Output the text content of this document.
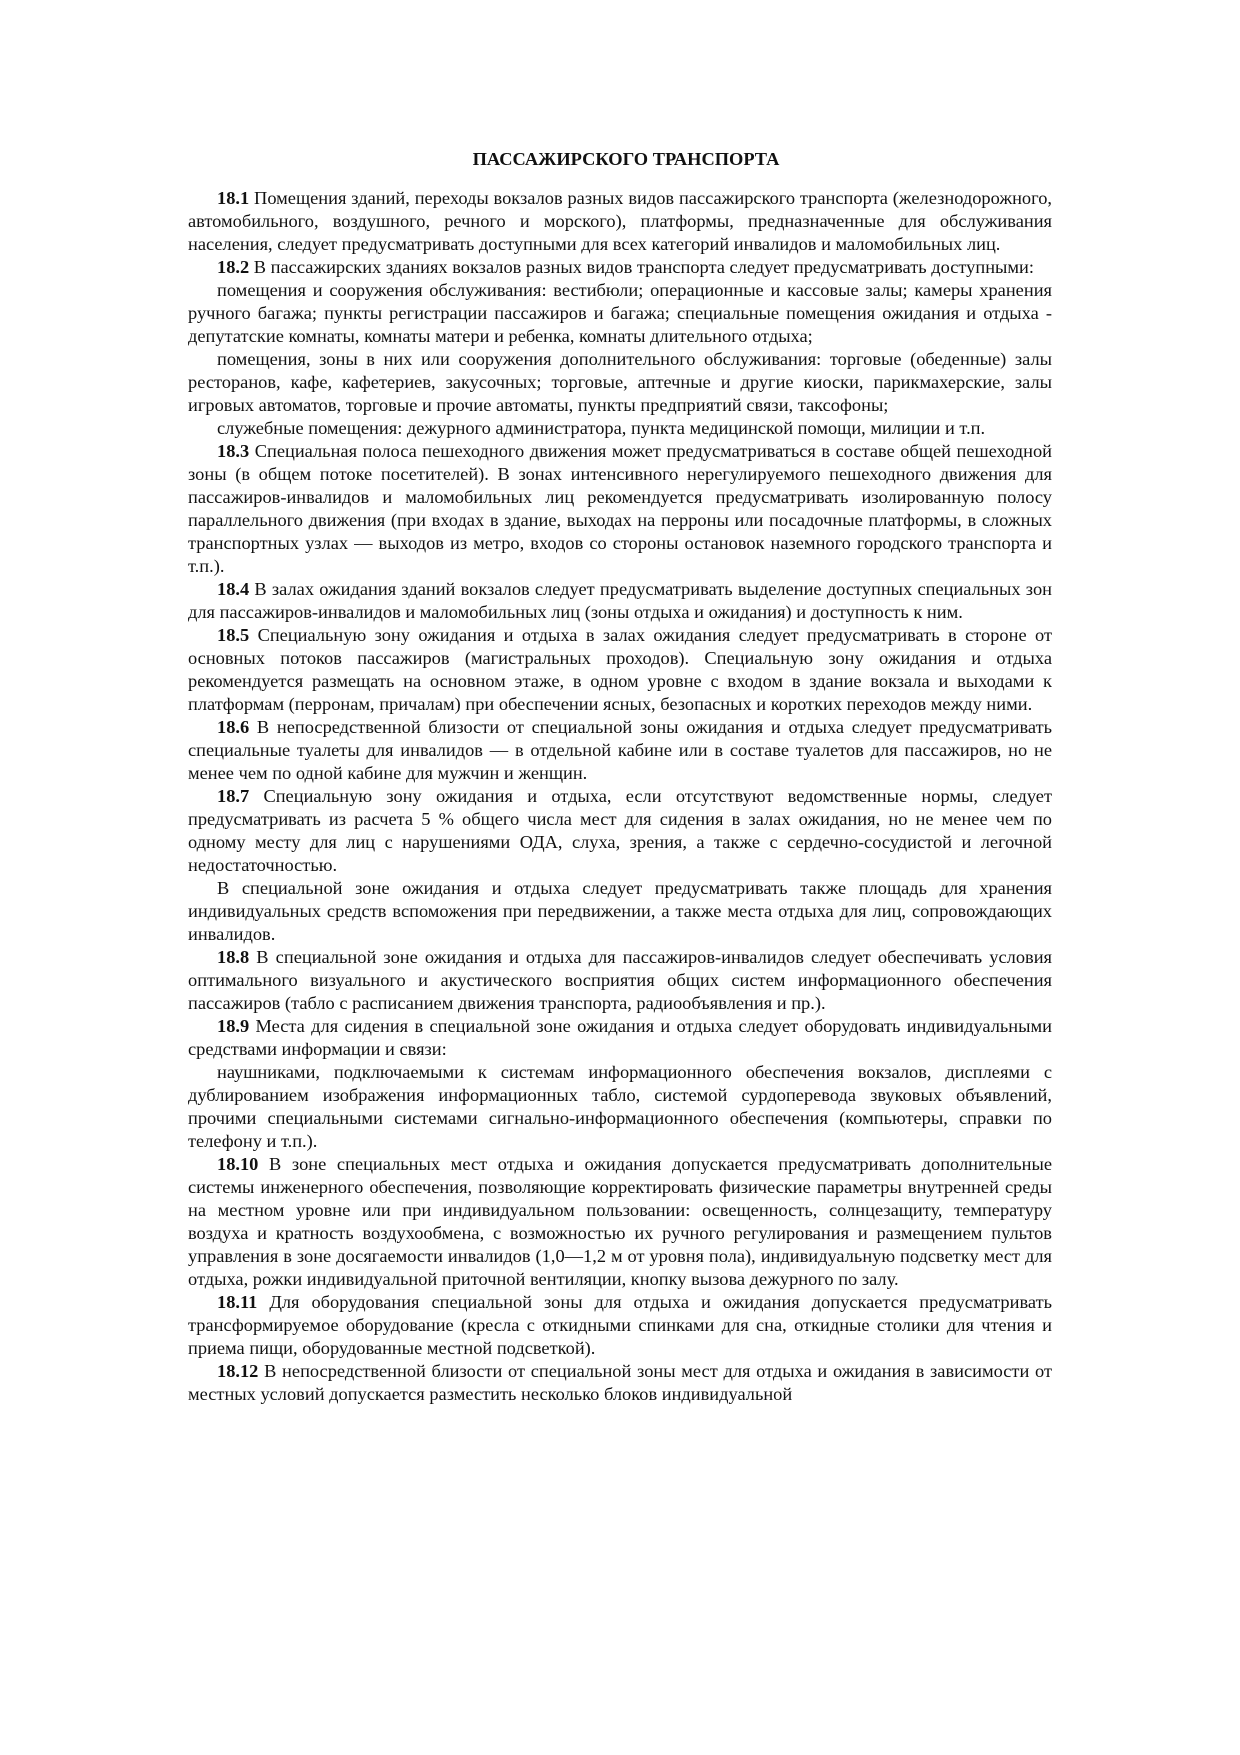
ПАССАЖИРСКОГО ТРАНСПОРТА

18.1 Помещения зданий, переходы вокзалов разных видов пассажирского транспорта (железнодорожного, автомобильного, воздушного, речного и морского), платформы, предназначенные для обслуживания населения, следует предусматривать доступными для всех категорий инвалидов и маломобильных лиц.

18.2 В пассажирских зданиях вокзалов разных видов транспорта следует предусматривать доступными:

помещения и сооружения обслуживания: вестибюли; операционные и кассовые залы; камеры хранения ручного багажа; пункты регистрации пассажиров и багажа; специальные помещения ожидания и отдыха - депутатские комнаты, комнаты матери и ребенка, комнаты длительного отдыха;

помещения, зоны в них или сооружения дополнительного обслуживания: торговые (обеденные) залы ресторанов, кафе, кафетериев, закусочных; торговые, аптечные и другие киоски, парикмахерские, залы игровых автоматов, торговые и прочие автоматы, пункты предприятий связи, таксофоны;

служебные помещения: дежурного администратора, пункта медицинской помощи, милиции и т.п.

18.3 Специальная полоса пешеходного движения может предусматриваться в составе общей пешеходной зоны (в общем потоке посетителей). В зонах интенсивного нерегулируемого пешеходного движения для пассажиров-инвалидов и маломобильных лиц рекомендуется предусматривать изолированную полосу параллельного движения (при входах в здание, выходах на перроны или посадочные платформы, в сложных транспортных узлах — выходов из метро, входов со стороны остановок наземного городского транспорта и т.п.).

18.4 В залах ожидания зданий вокзалов следует предусматривать выделение доступных специальных зон для пассажиров-инвалидов и маломобильных лиц (зоны отдыха и ожидания) и доступность к ним.

18.5 Специальную зону ожидания и отдыха в залах ожидания следует предусматривать в стороне от основных потоков пассажиров (магистральных проходов). Специальную зону ожидания и отдыха рекомендуется размещать на основном этаже, в одном уровне с входом в здание вокзала и выходами к платформам (перронам, причалам) при обеспечении ясных, безопасных и коротких переходов между ними.

18.6 В непосредственной близости от специальной зоны ожидания и отдыха следует предусматривать специальные туалеты для инвалидов — в отдельной кабине или в составе туалетов для пассажиров, но не менее чем по одной кабине для мужчин и женщин.

18.7 Специальную зону ожидания и отдыха, если отсутствуют ведомственные нормы, следует предусматривать из расчета 5 % общего числа мест для сидения в залах ожидания, но не менее чем по одному месту для лиц с нарушениями ОДА, слуха, зрения, а также с сердечно-сосудистой и легочной недостаточностью.

В специальной зоне ожидания и отдыха следует предусматривать также площадь для хранения индивидуальных средств вспоможения при передвижении, а также места отдыха для лиц, сопровождающих инвалидов.

18.8 В специальной зоне ожидания и отдыха для пассажиров-инвалидов следует обеспечивать условия оптимального визуального и акустического восприятия общих систем информационного обеспечения пассажиров (табло с расписанием движения транспорта, радиообъявления и пр.).

18.9 Места для сидения в специальной зоне ожидания и отдыха следует оборудовать индивидуальными средствами информации и связи:

наушниками, подключаемыми к системам информационного обеспечения вокзалов, дисплеями с дублированием изображения информационных табло, системой сурдоперевода звуковых объявлений, прочими специальными системами сигнально-информационного обеспечения (компьютеры, справки по телефону и т.п.).

18.10 В зоне специальных мест отдыха и ожидания допускается предусматривать дополнительные системы инженерного обеспечения, позволяющие корректировать физические параметры внутренней среды на местном уровне или при индивидуальном пользовании: освещенность, солнцезащиту, температуру воздуха и кратность воздухообмена, с возможностью их ручного регулирования и размещением пультов управления в зоне досягаемости инвалидов (1,0—1,2 м от уровня пола), индивидуальную подсветку мест для отдыха, рожки индивидуальной приточной вентиляции, кнопку вызова дежурного по залу.

18.11 Для оборудования специальной зоны для отдыха и ожидания допускается предусматривать трансформируемое оборудование (кресла с откидными спинками для сна, откидные столики для чтения и приема пищи, оборудованные местной подсветкой).

18.12 В непосредственной близости от специальной зоны мест для отдыха и ожидания в зависимости от местных условий допускается разместить несколько блоков индивидуальной
